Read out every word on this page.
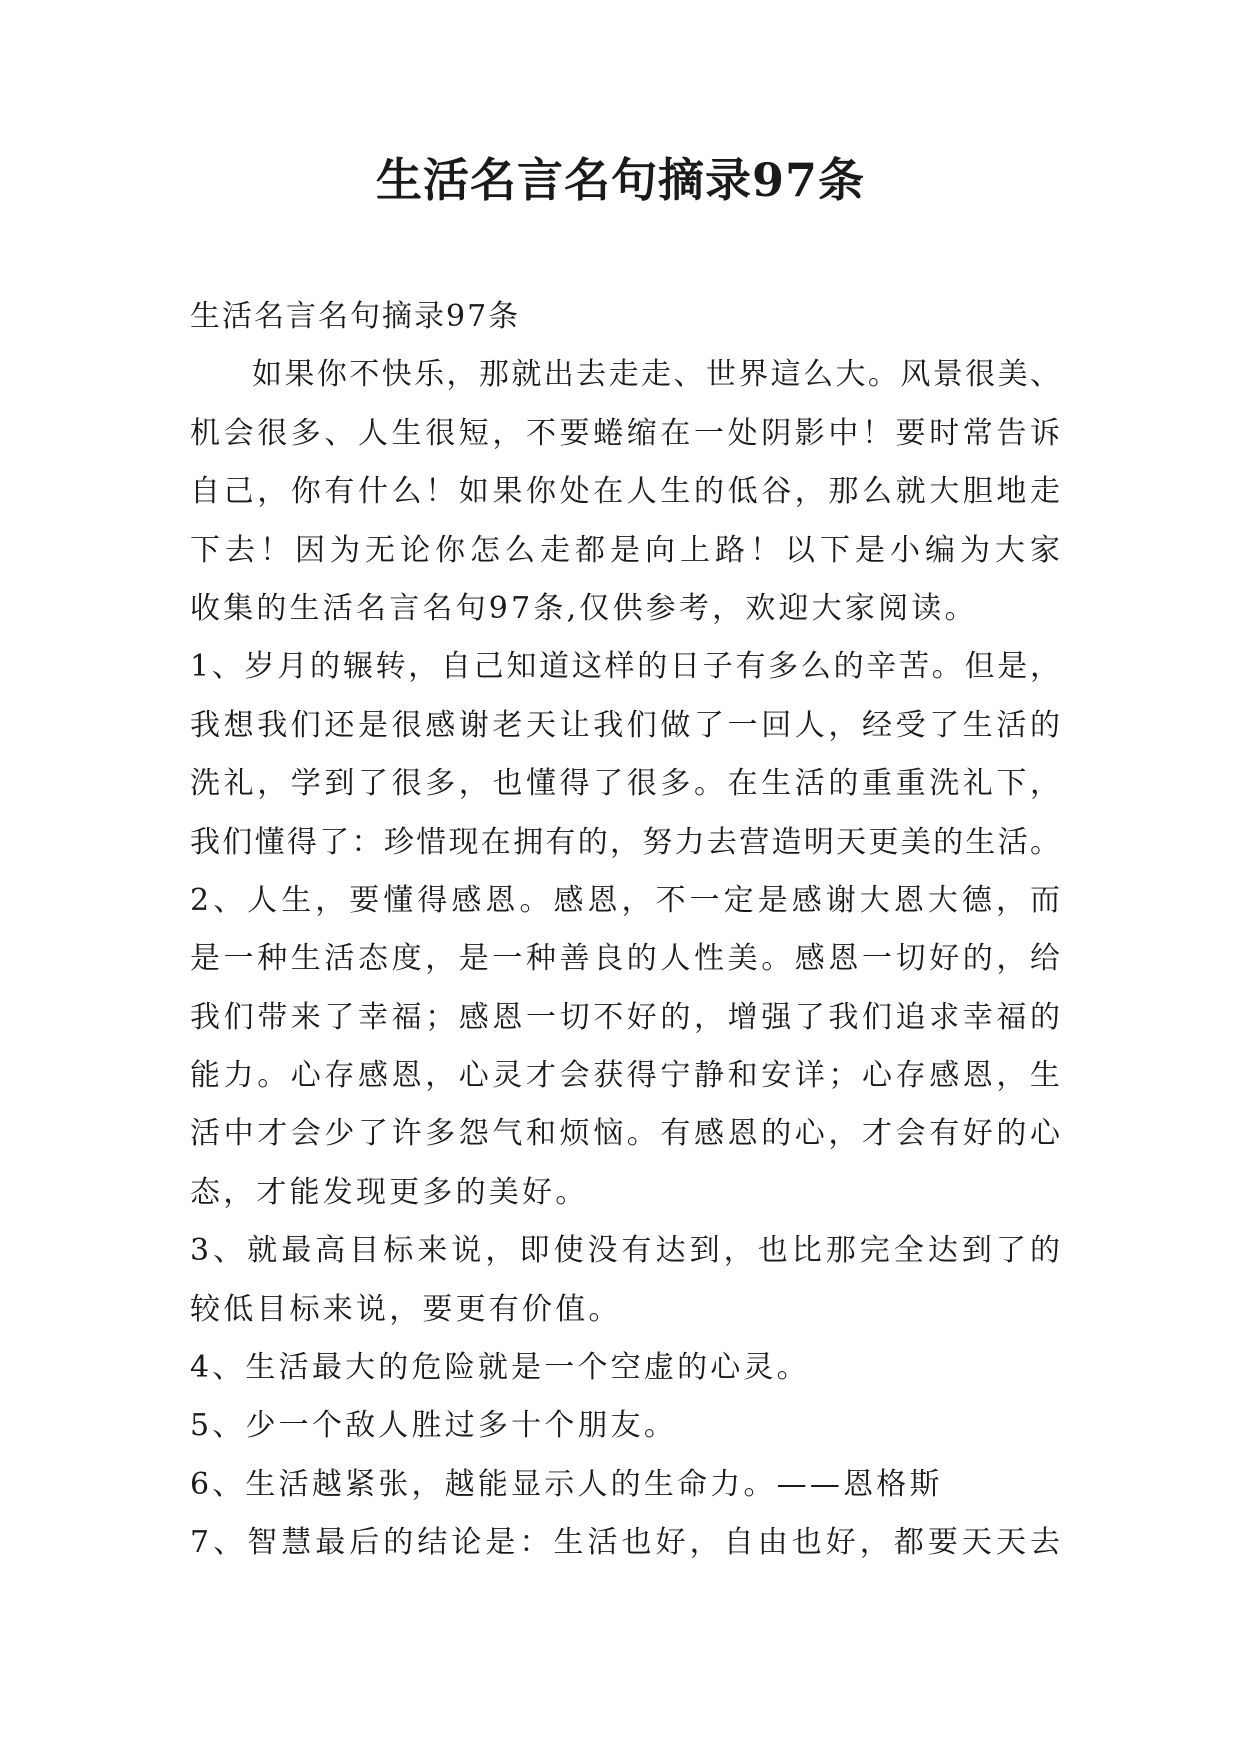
生活名言名句摘录97条
生活名言名句摘录97条
如果你不快乐，那就出去走走、世界這么大。风景很美、
机会很多、人生很短，不要蜷缩在一处阴影中！要时常告诉
自己，你有什么！如果你处在人生的低谷，那么就大胆地走
下去！因为无论你怎么走都是向上路！以下是小编为大家
收集的生活名言名句97条,仅供参考，欢迎大家阅读。
1、岁月的辗转，自己知道这样的日子有多么的辛苦。但是，
我想我们还是很感谢老天让我们做了一回人，经受了生活的
洗礼，学到了很多，也懂得了很多。在生活的重重洗礼下，
我们懂得了：珍惜现在拥有的，努力去营造明天更美的生活。
2、人生，要懂得感恩。感恩，不一定是感谢大恩大德，而
是一种生活态度，是一种善良的人性美。感恩一切好的，给
我们带来了幸福；感恩一切不好的，增强了我们追求幸福的
能力。心存感恩，心灵才会获得宁静和安详；心存感恩，生
活中才会少了许多怨气和烦恼。有感恩的心，才会有好的心
态，才能发现更多的美好。
3、就最高目标来说，即使没有达到，也比那完全达到了的
较低目标来说，要更有价值。
4、生活最大的危险就是一个空虚的心灵。
5、少一个敌人胜过多十个朋友。
6、生活越紧张，越能显示人的生命力。——恩格斯
7、智慧最后的结论是：生活也好，自由也好，都要天天去
